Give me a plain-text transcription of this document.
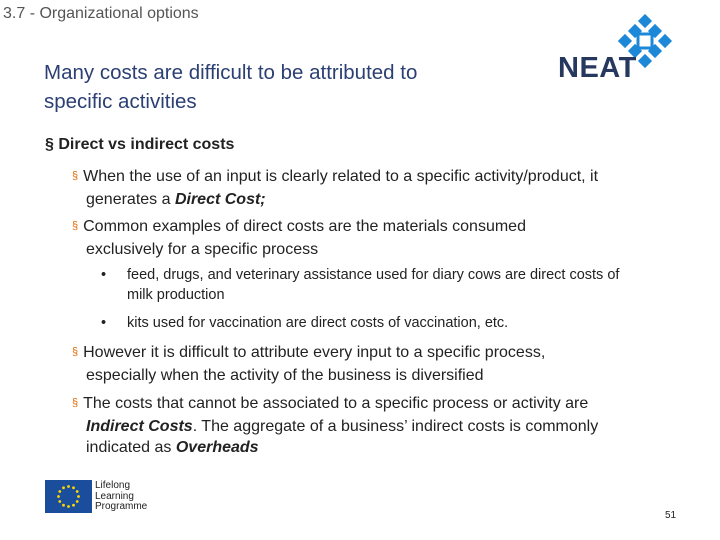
3.7 - Organizational options
Many costs are difficult to be attributed to
specific activities
NEAT
§ Direct vs indirect costs
§ When the use of an input is clearly related to a specific activity/product, it
generates a Direct Cost;
§ Common examples of direct costs are the materials consumed
exclusively for a specific process
• feed, drugs, and veterinary assistance used for diary cows are direct costs of
milk production
• kits used for vaccination are direct costs of vaccination, etc.
§ However it is difficult to attribute every input to a specific process,
especially when the activity of the business is diversified
§ The costs that cannot be associated to a specific process or activity are
Indirect Costs. The aggregate of a business’ indirect costs is commonly
indicated as Overheads
Lifelong
Learning
Programme
51
